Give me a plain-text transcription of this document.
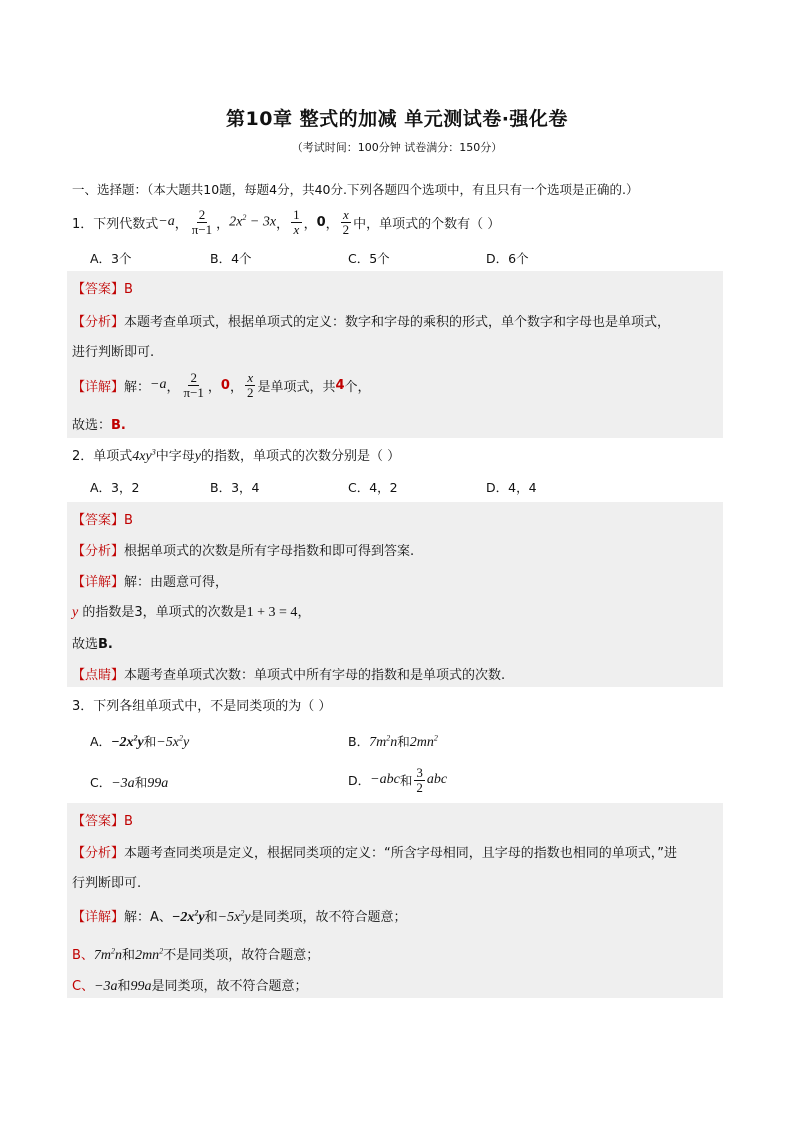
第10章 整式的加减 单元测试卷·强化卷
（考试时间：100分钟 试卷满分：150分）
一、选择题：（本大题共10题，每题4分，共40分.下列各题四个选项中，有且只有一个选项是正确的.）
1．下列代数式 −a ， $\frac{2}{\pi-1}$ ， $2x^2 - 3x$ ， $\frac{1}{x}$ ， 0 ， $\frac{x}{2}$ 中，单项式的个数有（ ）
A．3个	B．4个	C．5个	D．6个
【答案】B
【分析】本题考查单项式，根据单项式的定义：数字和字母的乘积的形式，单个数字和字母也是单项式，
进行判断即可.
【详解】 解： −a ， $\frac{2}{\pi-1}$ ， 0 ， $\frac{x}{2}$ 是单项式，共 4 个，
故选：B.
2．单项式$4xy^3$中字母y的指数，单项式的次数分别是（ ）
A．3，2	B．3，4	C．4，2	D．4，4
【答案】B
【分析】根据单项式的次数是所有字母指数和即可得到答案.
【详解】解：由题意可得，
y 的指数是3，单项式的次数是1 + 3 = 4，
故选B.
【点睛】本题考查单项式次数：单项式中所有字母的指数和是单项式的次数.
3．下列各组单项式中，不是同类项的为（ ）
A．$-2x^2y$和$-5x^2y$	B．$7m^2n$和$2mn^2$
C．−3a和99a	D． −abc 和 $\frac{3}{2}$ abc
【答案】B
【分析】本题考查同类项是定义，根据同类项的定义：“所含字母相同，且字母的指数也相同的单项式，”进
行判断即可.
【详解】解：A、$-2x^2y$和$-5x^2y$是同类项，故不符合题意；
B、$7m^2n$和$2mn^2$不是同类项，故符合题意；
C、−3a和99a是同类项，故不符合题意；
